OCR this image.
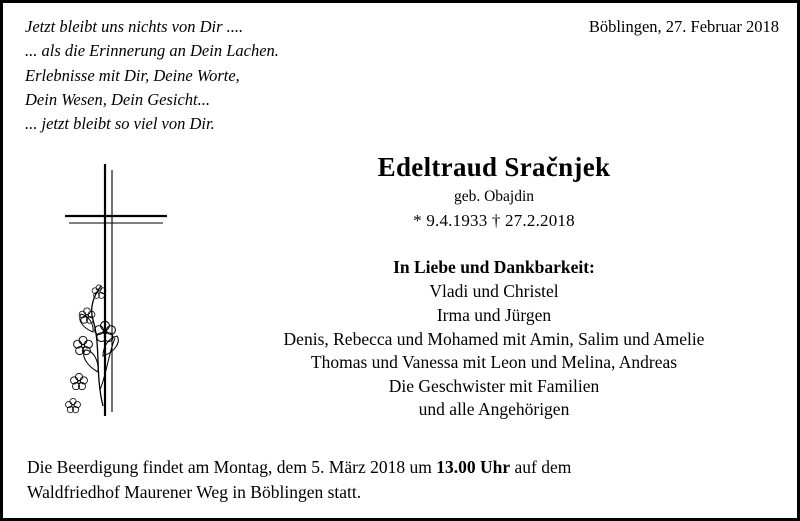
Jetzt bleibt uns nichts von Dir ....
... als die Erinnerung an Dein Lachen.
Erlebnisse mit Dir, Deine Worte,
Dein Wesen, Dein Gesicht...
... jetzt bleibt so viel von Dir.
Böblingen, 27. Februar 2018
Edeltraud Sračnjek
geb. Obajdin
* 9.4.1933 † 27.2.2018
In Liebe und Dankbarkeit:
Vladi und Christel
Irma und Jürgen
Denis, Rebecca und Mohamed mit Amin, Salim und Amelie
Thomas und Vanessa mit Leon und Melina, Andreas
Die Geschwister mit Familien
und alle Angehörigen
Die Beerdigung findet am Montag, dem 5. März 2018 um 13.00 Uhr auf dem
Waldfriedhof Maurener Weg in Böblingen statt.
